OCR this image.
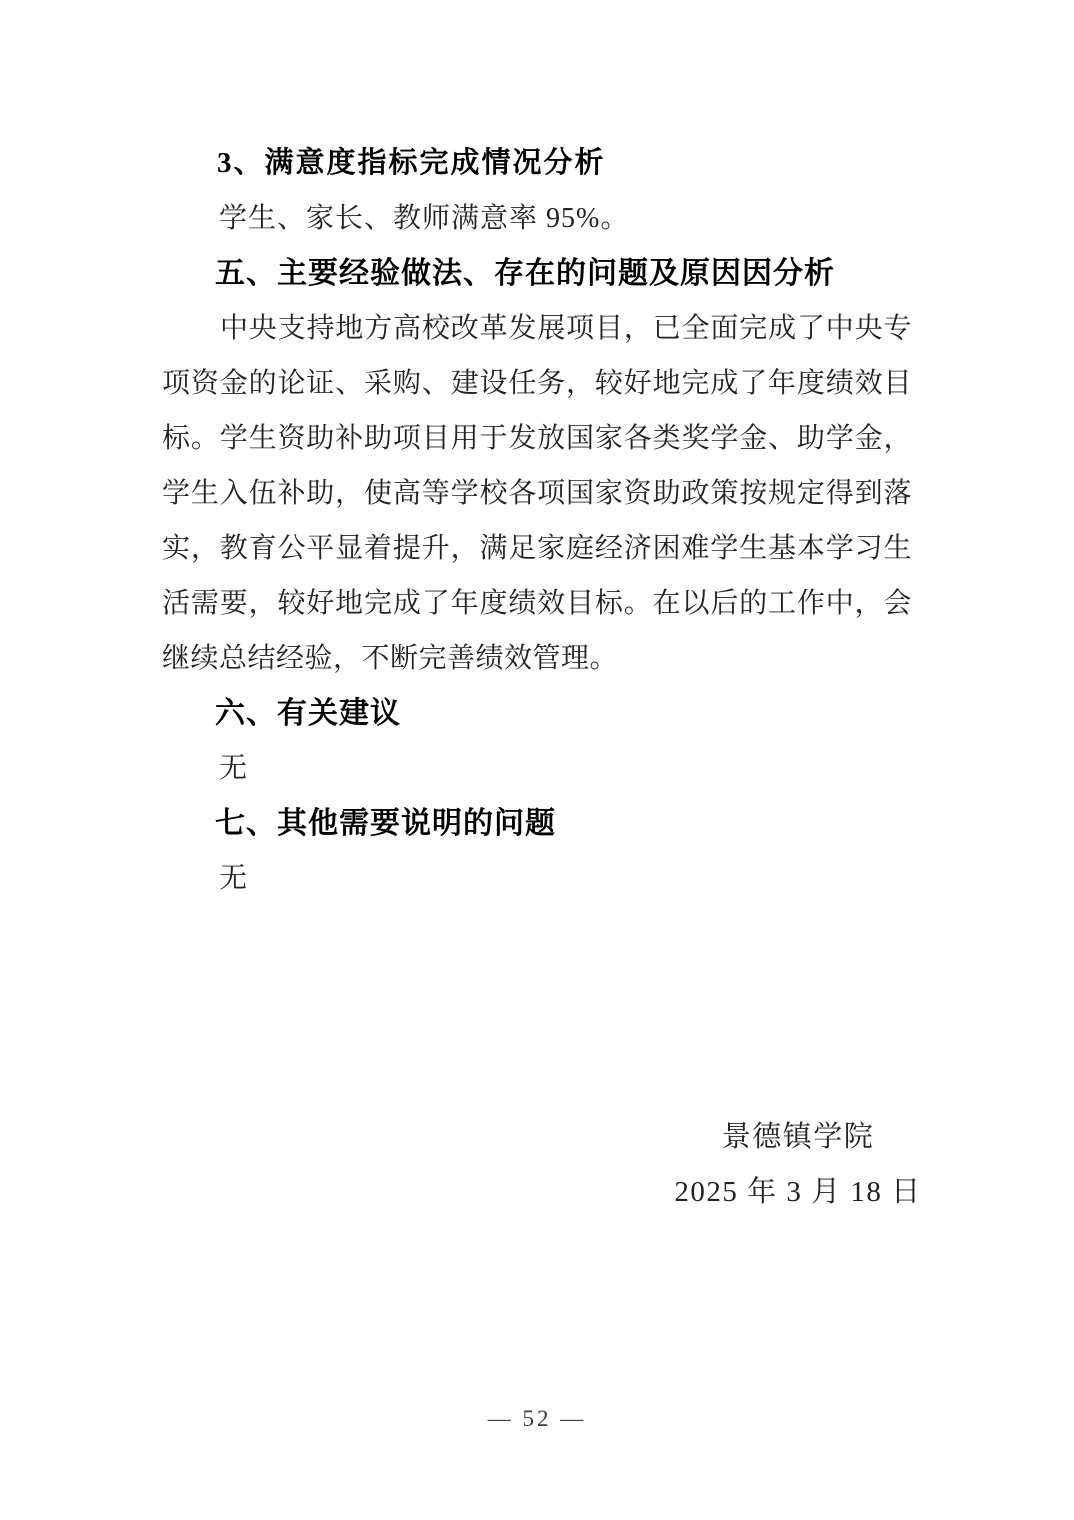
3、满意度指标完成情况分析
学生、家长、教师满意率 95%。
五、主要经验做法、存在的问题及原因因分析

中央支持地方高校改革发展项目，已全面完成了中央专项资金的论证、采购、建设任务，较好地完成了年度绩效目标。学生资助补助项目用于发放国家各类奖学金、助学金，学生入伍补助，使高等学校各项国家资助政策按规定得到落实，教育公平显着提升，满足家庭经济困难学生基本学习生活需要，较好地完成了年度绩效目标。在以后的工作中，会继续总结经验，不断完善绩效管理。

六、有关建议
无
七、其他需要说明的问题
无
景德镇学院
2025 年 3 月 18 日
— 52 —
